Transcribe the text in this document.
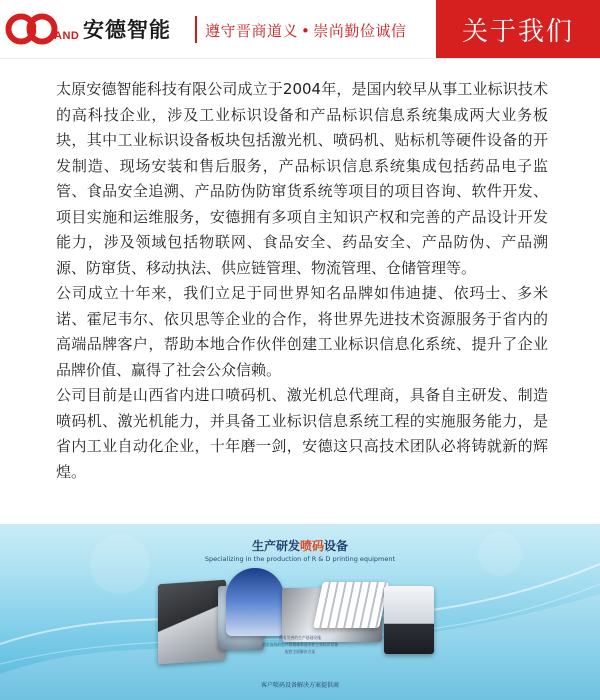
AND 安德智能 遵守晋商道义 • 崇尚勤俭诚信	关于我们

太原安德智能科技有限公司成立于2004年，是国内较早从事工业标识技术的高科技企业，涉及工业标识设备和产品标识信息系统集成两大业务板块，其中工业标识设备板块包括激光机、喷码机、贴标机等硬件设备的开发制造、现场安装和售后服务，产品标识信息系统集成包括药品电子监管、食品安全追溯、产品防伪防窜货系统等项目的项目咨询、软件开发、项目实施和运维服务，安德拥有多项自主知识产权和完善的产品设计开发能力，涉及领域包括物联网、食品安全、药品安全、产品防伪、产品溯源、防窜货、移动执法、供应链管理、物流管理、仓储管理等。

公司成立十年来，我们立足于同世界知名品牌如伟迪捷、依玛士、多米诺、霍尼韦尔、依贝思等企业的合作，将世界先进技术资源服务于省内的高端品牌客户，帮助本地合作伙伴创建工业标识信息化系统、提升了企业品牌价值、赢得了社会公众信赖。

公司目前是山西省内进口喷码机、激光机总代理商，具备自主研发、制造喷码机、激光机能力，并具备工业标识信息系统工程的实施服务能力，是省内工业自动化企业，十年磨一剑，安德这只高技术团队必将铸就新的辉煌。

生产研发喷码设备
Specializing in the production of R & D printing equipment
拥有完善的生产基础设施
稳定高效的生产管理体系及专业工业标识设备
配套全面解决方案
客户喷码设备解决方案提供商
